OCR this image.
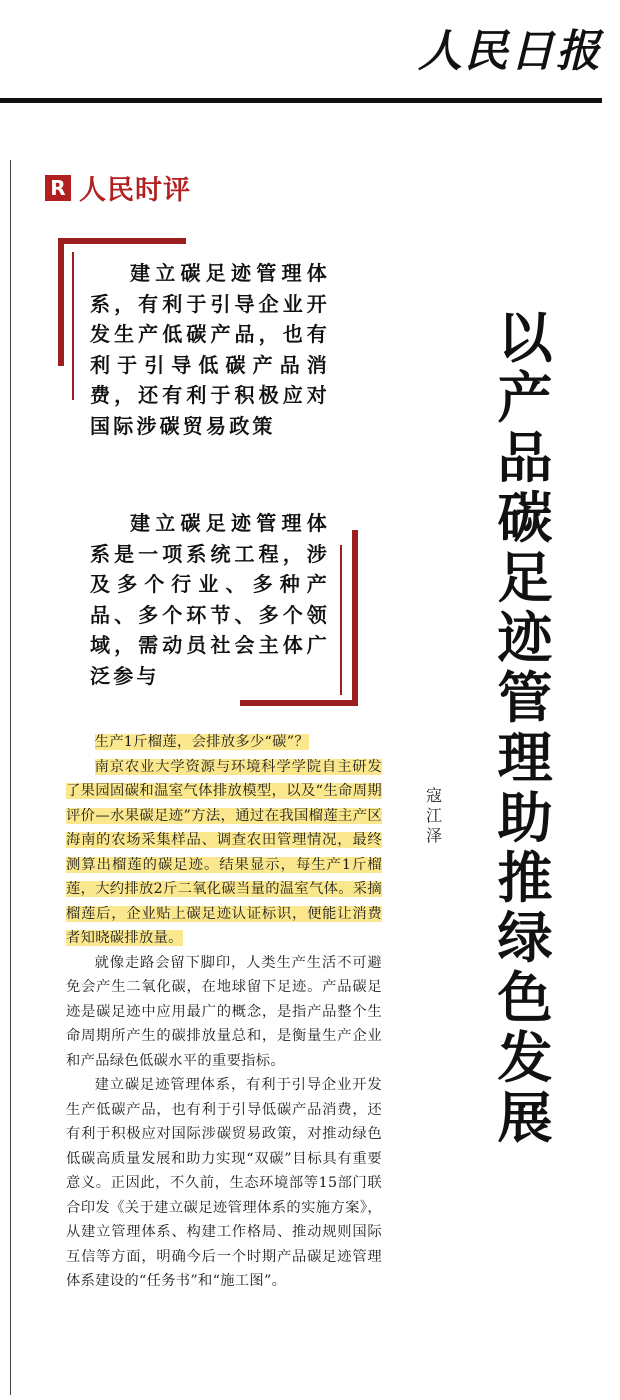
人民日报
R 人民时评

建立碳足迹管理体系，有利于引导企业开发生产低碳产品，也有利于引导低碳产品消费，还有利于积极应对国际涉碳贸易政策

建立碳足迹管理体系是一项系统工程，涉及多个行业、多种产品、多个环节、多个领域，需动员社会主体广泛参与

以产品碳足迹管理助推绿色发展
寇江泽

生产1斤榴莲，会排放多少“碳”？

南京农业大学资源与环境科学学院自主研发了果园固碳和温室气体排放模型，以及“生命周期评价—水果碳足迹”方法，通过在我国榴莲主产区海南的农场采集样品、调查农田管理情况，最终测算出榴莲的碳足迹。结果显示，每生产1斤榴莲，大约排放2斤二氧化碳当量的温室气体。采摘榴莲后，企业贴上碳足迹认证标识，便能让消费者知晓碳排放量。

就像走路会留下脚印，人类生产生活不可避免会产生二氧化碳，在地球留下足迹。产品碳足迹是碳足迹中应用最广的概念，是指产品整个生命周期所产生的碳排放量总和，是衡量生产企业和产品绿色低碳水平的重要指标。

建立碳足迹管理体系，有利于引导企业开发生产低碳产品，也有利于引导低碳产品消费，还有利于积极应对国际涉碳贸易政策，对推动绿色低碳高质量发展和助力实现“双碳”目标具有重要意义。正因此，不久前，生态环境部等15部门联合印发《关于建立碳足迹管理体系的实施方案》，从建立管理体系、构建工作格局、推动规则国际互信等方面，明确今后一个时期产品碳足迹管理体系建设的“任务书”和“施工图”。
